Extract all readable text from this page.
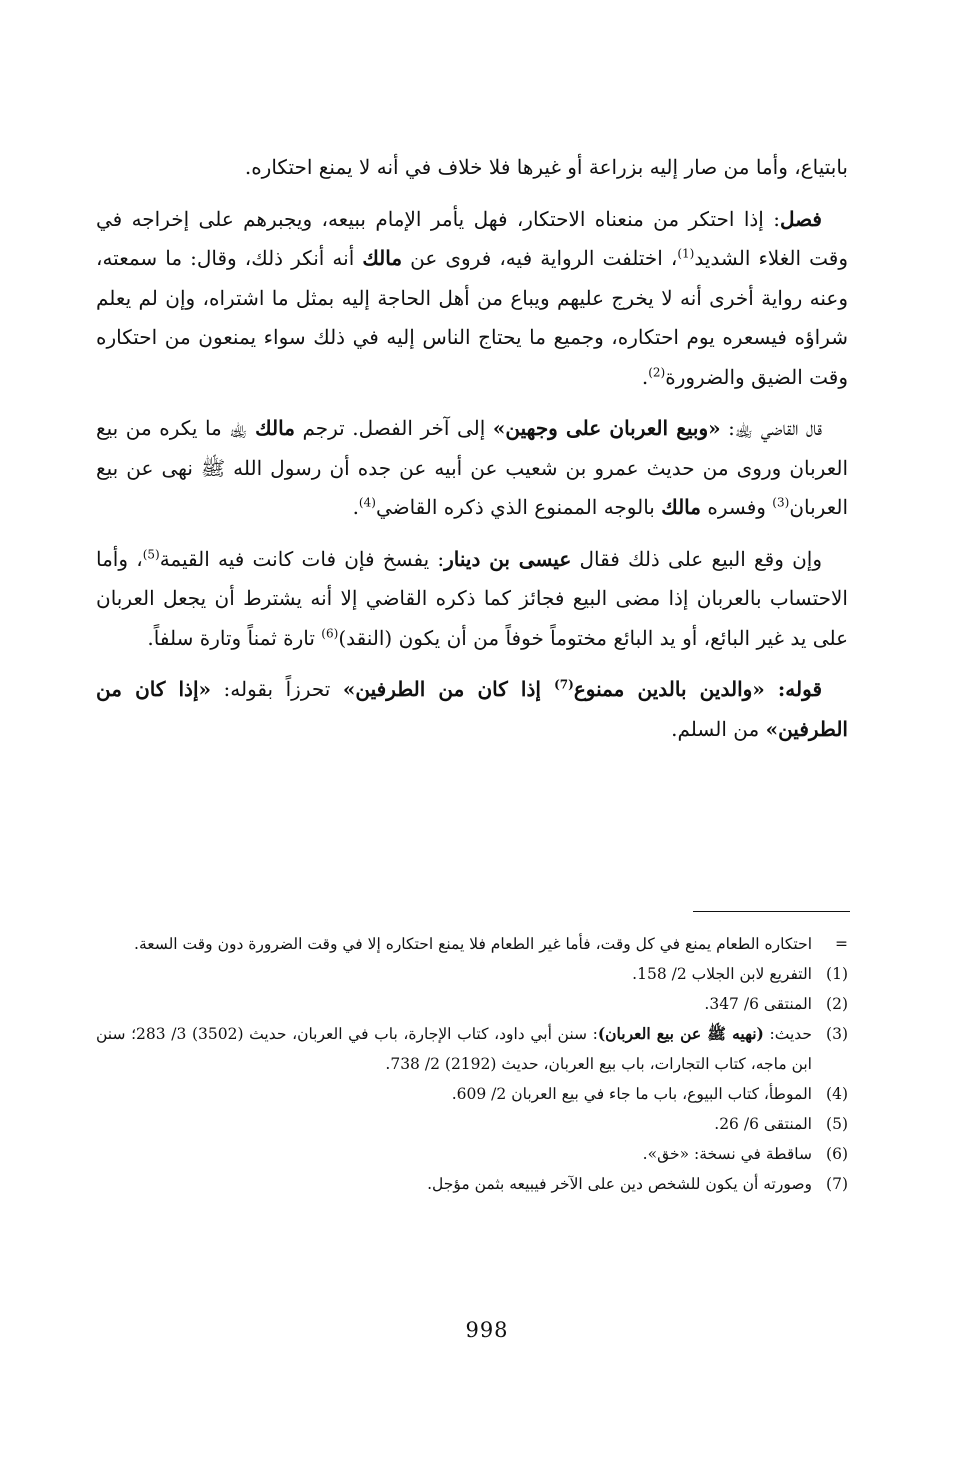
بابتياع، وأما من صار إليه بزراعة أو غيرها فلا خلاف في أنه لا يمنع احتكاره.

فصل: إذا احتكر من منعناه الاحتكار، فهل يأمر الإمام ببيعه، ويجبرهم على إخراجه في وقت الغلاء الشديد$^{(1)}$، اختلفت الرواية فيه، فروى عن مالك أنه أنكر ذلك، وقال: ما سمعته، وعنه رواية أخرى أنه لا يخرج عليهم ويباع من أهل الحاجة إليه بمثل ما اشتراه، وإن لم يعلم شراؤه فيسعره يوم احتكاره، وجميع ما يحتاج الناس إليه في ذلك سواء يمنعون من احتكاره وقت الضيق والضرورة$^{(2)}$.

قال القاضي ﵀: «وبيع العربان على وجهين» إلى آخر الفصل. ترجم مالك ﵀ ما يكره من بيع العربان وروى من حديث عمرو بن شعيب عن أبيه عن جده أن رسول الله ﷺ نهى عن بيع العربان$^{(3)}$ وفسره مالك بالوجه الممنوع الذي ذكره القاضي$^{(4)}$.

وإن وقع البيع على ذلك فقال عيسى بن دينار: يفسخ فإن فات كانت فيه القيمة$^{(5)}$، وأما الاحتساب بالعربان إذا مضى البيع فجائز كما ذكره القاضي إلا أنه يشترط أن يجعل العربان على يد غير البائع، أو يد البائع مختوماً خوفاً من أن يكون (النقد)$^{(6)}$ تارة ثمناً وتارة سلفاً.

قوله: «والدين بالدين ممنوع$^{(7)}$ إذا كان من الطرفين» تحرزاً بقوله: «إذا كان من الطرفين» من السلم.

=
احتكاره الطعام يمنع في كل وقت، فأما غير الطعام فلا يمنع احتكاره إلا في وقت الضرورة دون وقت السعة.
(1)
التفريع لابن الجلاب 2/ 158.
(2)
المنتقى 6/ 347.
(3)
حديث: (نهيه ﷺ عن بيع العربان): سنن أبي داود، كتاب الإجارة، باب في العربان، حديث (3502) 3/ 283؛ سنن ابن ماجه، كتاب التجارات، باب بيع العربان، حديث (2192) 2/ 738.
(4)
الموطأ، كتاب البيوع، باب ما جاء في بيع العربان 2/ 609.
(5)
المنتقى 6/ 26.
(6)
ساقطة في نسخة: «خق».
(7)
وصورته أن يكون للشخص دين على الآخر فيبيعه بثمن مؤجل.
998
